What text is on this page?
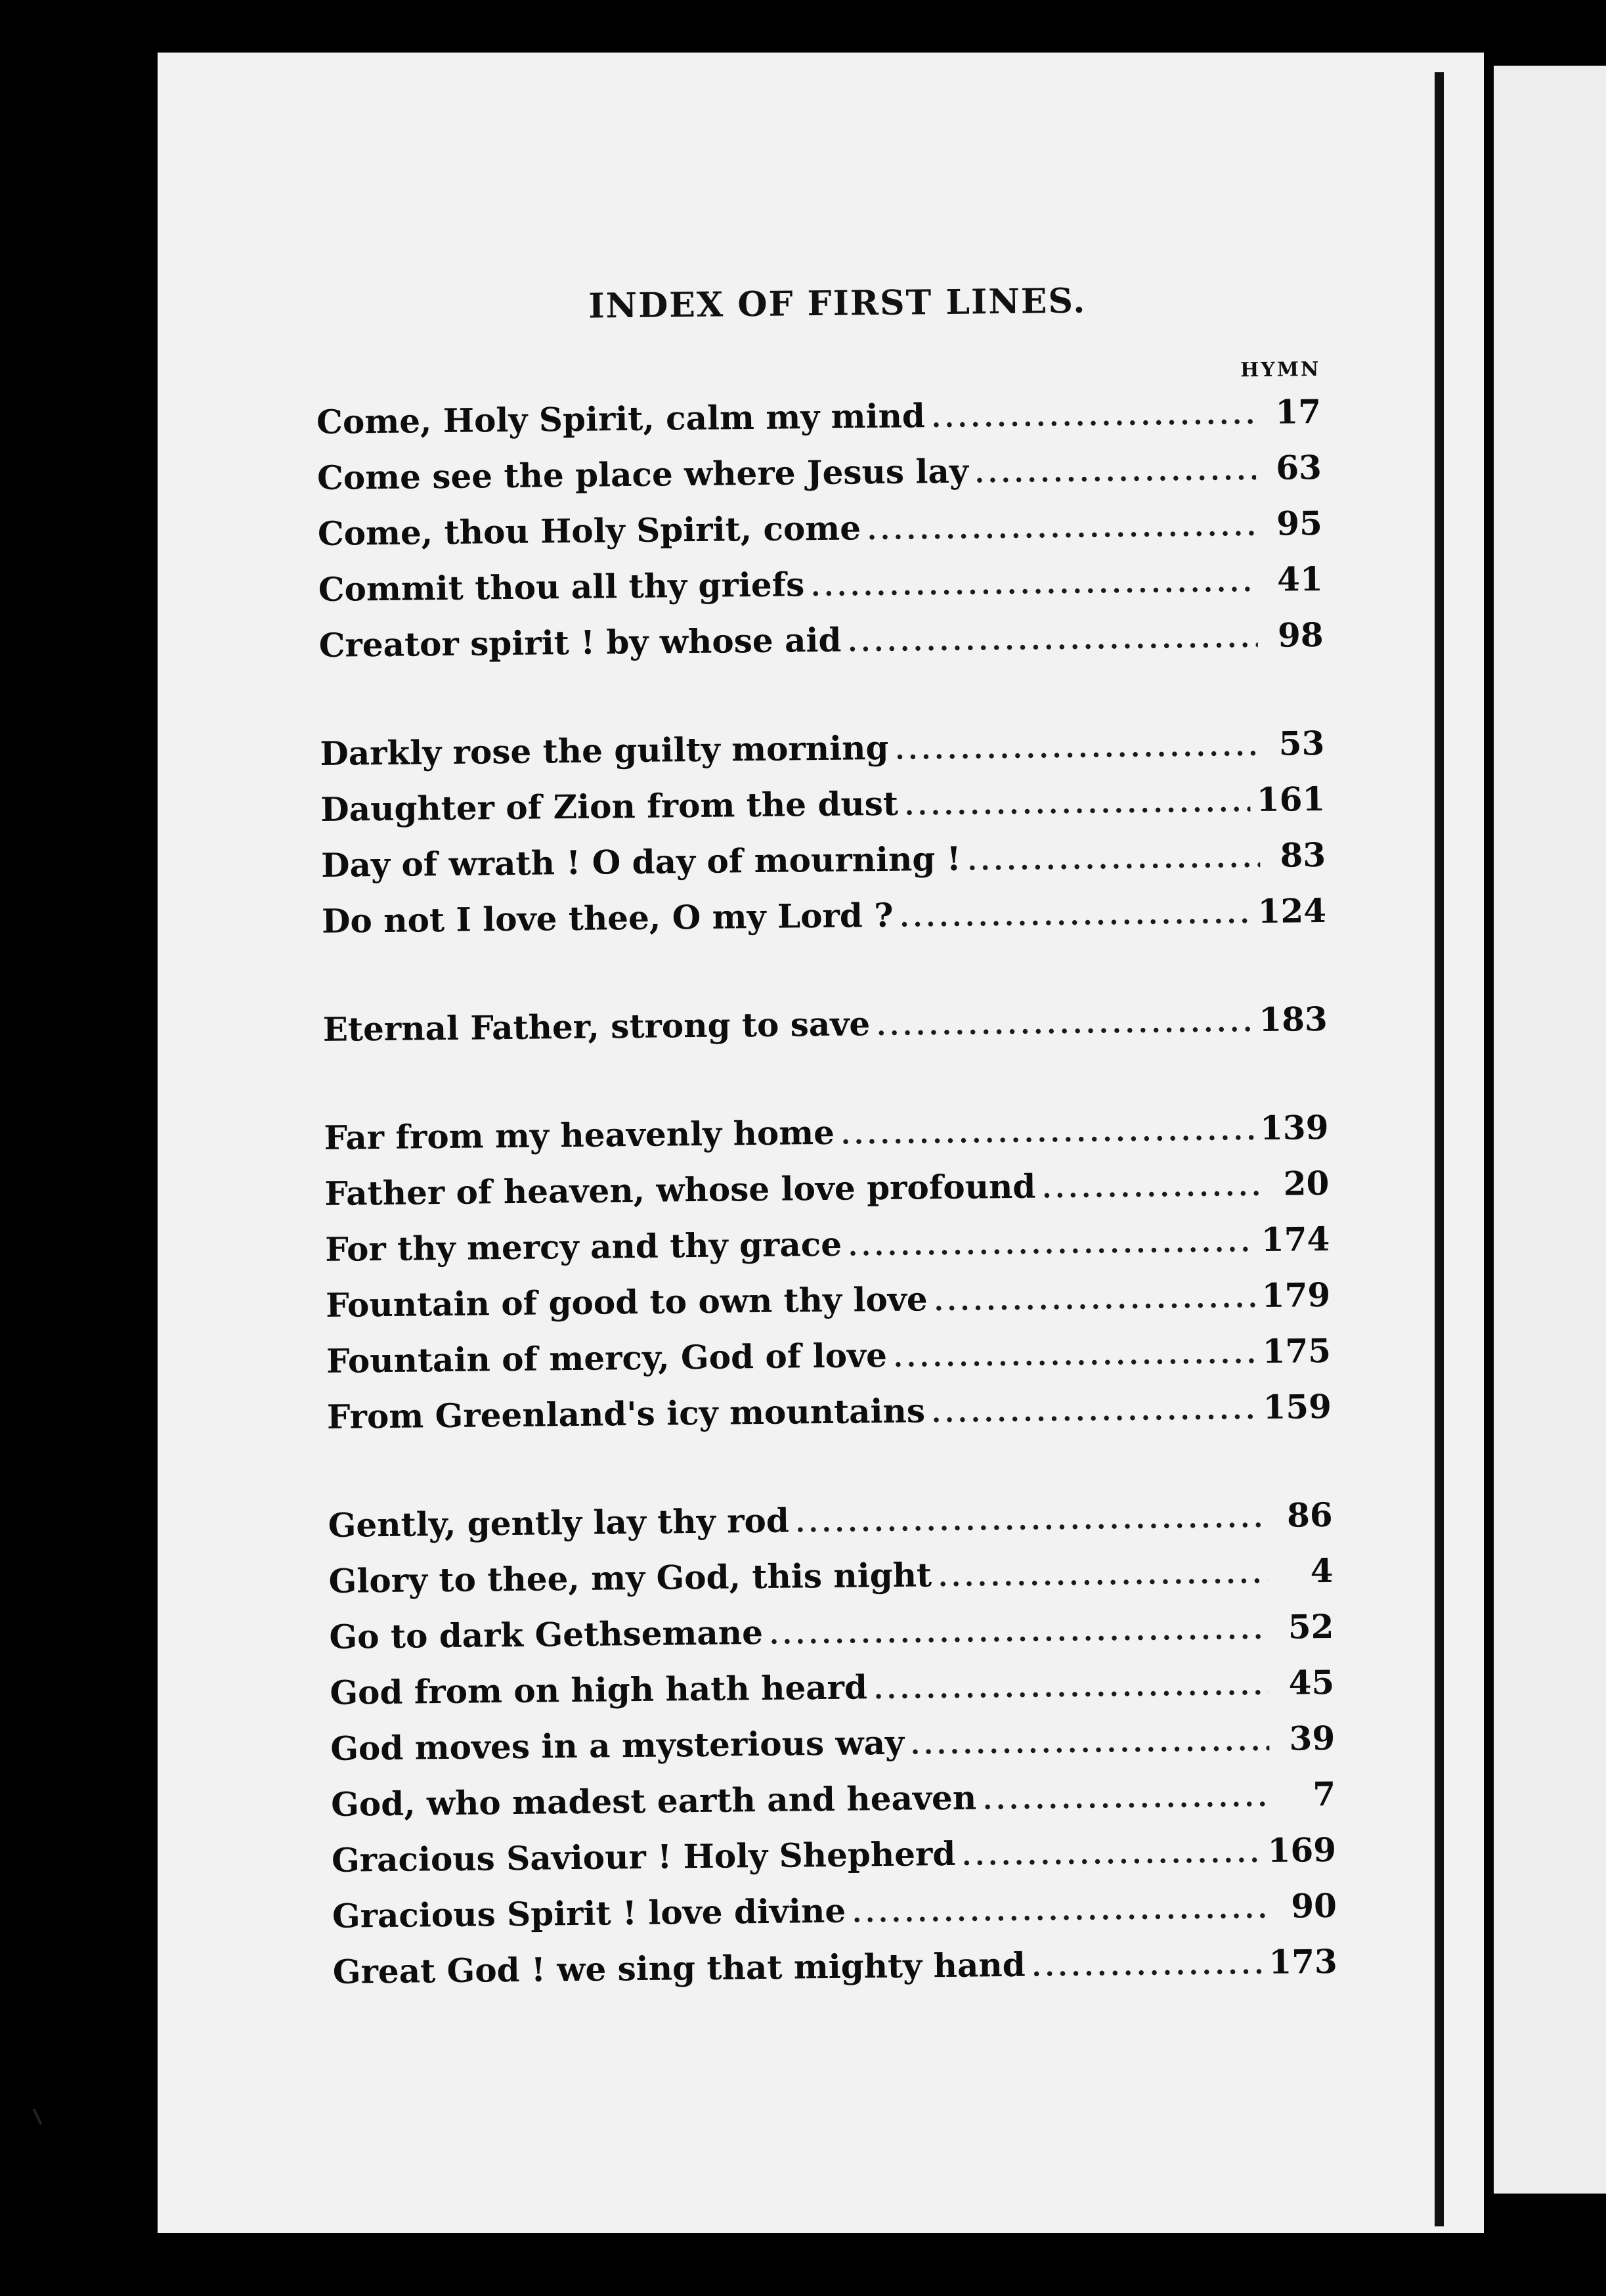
INDEX OF FIRST LINES.
HYMN
Come, Holy Spirit, calm my mind .....	17
Come see the place where Jesus lay .....	63
Come, thou Holy Spirit, come .....	95
Commit thou all thy griefs .....	41
Creator spirit ! by whose aid .....	98
Darkly rose the guilty morning .....	53
Daughter of Zion from the dust .....	161
Day of wrath ! O day of mourning ! .....	83
Do not I love thee, O my Lord ? .....	124
Eternal Father, strong to save .....	183
Far from my heavenly home .....	139
Father of heaven, whose love profound .....	20
For thy mercy and thy grace .....	174
Fountain of good to own thy love .....	179
Fountain of mercy, God of love .....	175
From Greenland's icy mountains .....	159
Gently, gently lay thy rod .....	86
Glory to thee, my God, this night .....	4
Go to dark Gethsemane .....	52
God from on high hath heard .....	45
God moves in a mysterious way .....	39
God, who madest earth and heaven .....	7
Gracious Saviour ! Holy Shepherd .....	169
Gracious Spirit ! love divine .....	90
Great God ! we sing that mighty hand .....	173
